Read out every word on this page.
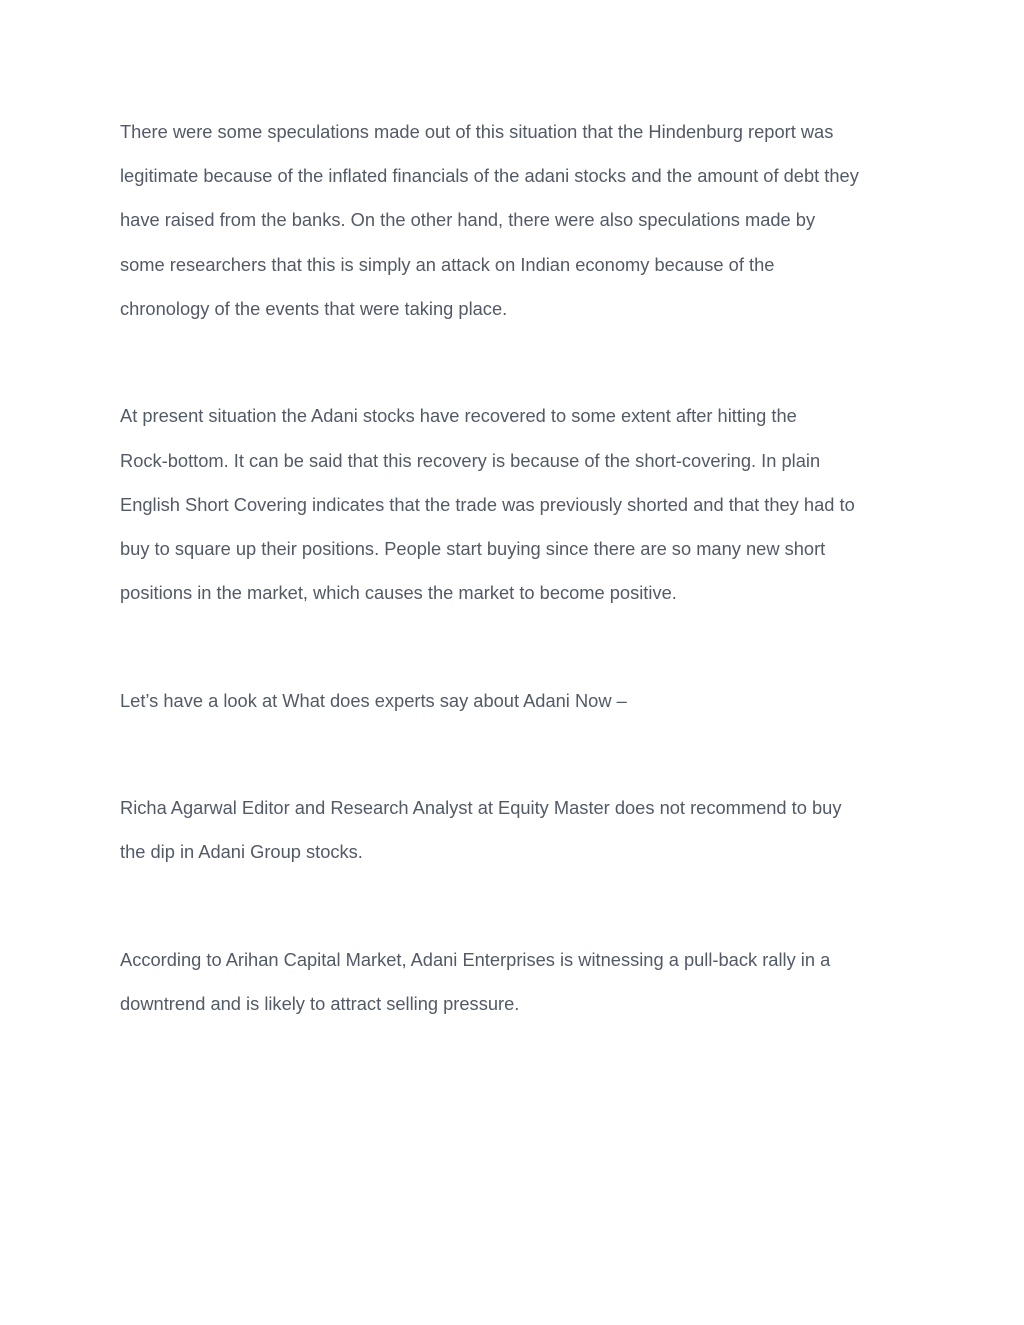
There were some speculations made out of this situation that the Hindenburg report was
legitimate because of the inflated financials of the adani stocks and the amount of debt they
have raised from the banks. On the other hand, there were also speculations made by
some researchers that this is simply an attack on Indian economy because of the
chronology of the events that were taking place.

At present situation the Adani stocks have recovered to some extent after hitting the
Rock-bottom. It can be said that this recovery is because of the short-covering. In plain
English Short Covering indicates that the trade was previously shorted and that they had to
buy to square up their positions. People start buying since there are so many new short
positions in the market, which causes the market to become positive.

Let’s have a look at What does experts say about Adani Now –

Richa Agarwal Editor and Research Analyst at Equity Master does not recommend to buy
the dip in Adani Group stocks.

According to Arihan Capital Market, Adani Enterprises is witnessing a pull-back rally in a
downtrend and is likely to attract selling pressure.
